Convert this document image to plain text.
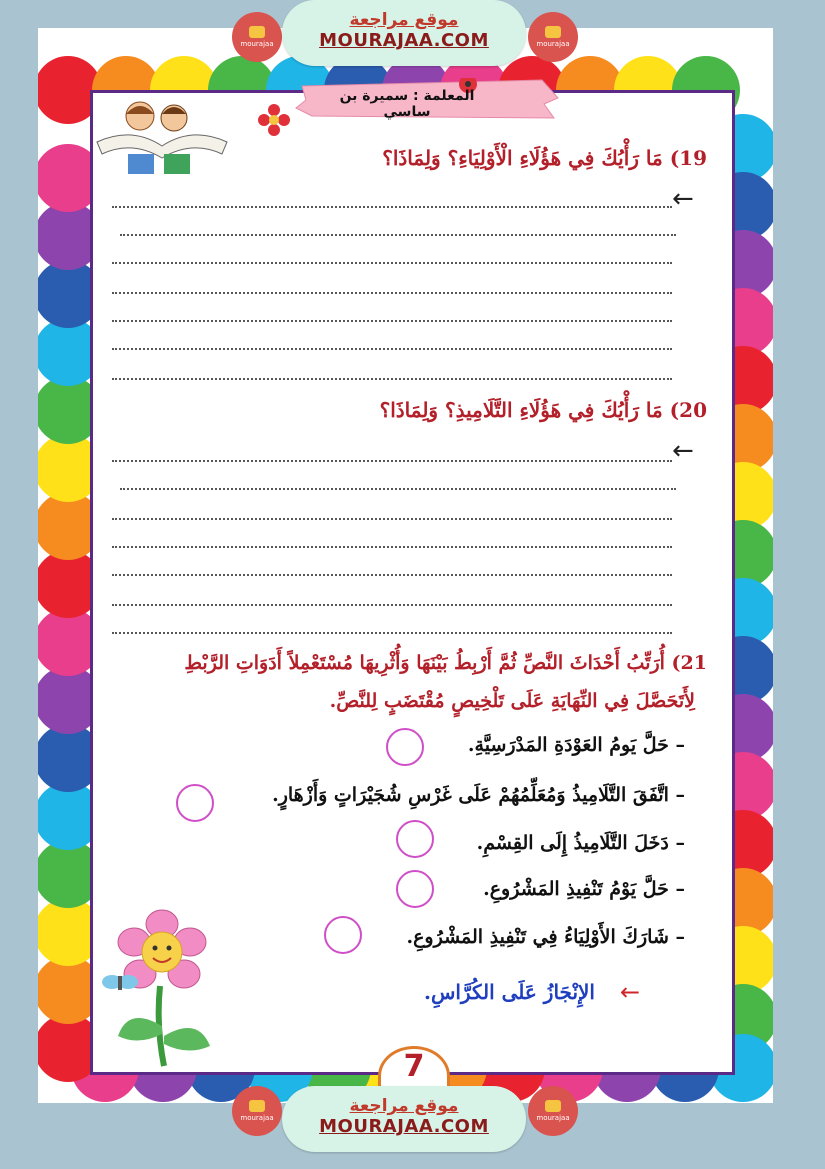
mourajaa
موقع مراجعة
MOURAJAA.COM	mourajaa
المعلمة : سميرة بن ساسي
19) مَا رَأْيُكَ فِي هَؤُلَاءِ الْأَوْلِيَاءِ؟ وَلِمَاذَا؟
←
20) مَا رَأْيُكَ فِي هَؤُلَاءِ التَّلَامِيذِ؟ وَلِمَاذَا؟
←
21) أُرَتِّبُ أَحْدَاثَ النَّصِّ ثُمَّ أَرْبِطُ بَيْنَهَا وَأُثْرِيهَا مُسْتَعْمِلاً أَدَوَاتِ الرَّبْطِ
لِأَتَحَصَّلَ فِي النِّهَايَةِ عَلَى تَلْخِيصٍ مُقْتَضَبٍ لِلنَّصِّ.
– حَلَّ يَومُ العَوْدَةِ المَدْرَسِيَّةِ.
– اتَّفَقَ التَّلَامِيذُ وَمُعَلِّمُهُمْ عَلَى غَرْسِ شُجَيْرَاتٍ وَأَزْهَارٍ.
– دَخَلَ التَّلَامِيذُ إِلَى القِسْمِ.
– حَلَّ يَوْمُ تَنْفِيذِ المَشْرُوعِ.
– شَارَكَ الأَوْلِيَاءُ فِي تَنْفِيذِ المَشْرُوعِ.
الإِنْجَازُ عَلَى الكُرَّاسِ. ←
7
mourajaa
موقع مراجعة
MOURAJAA.COM	mourajaa
